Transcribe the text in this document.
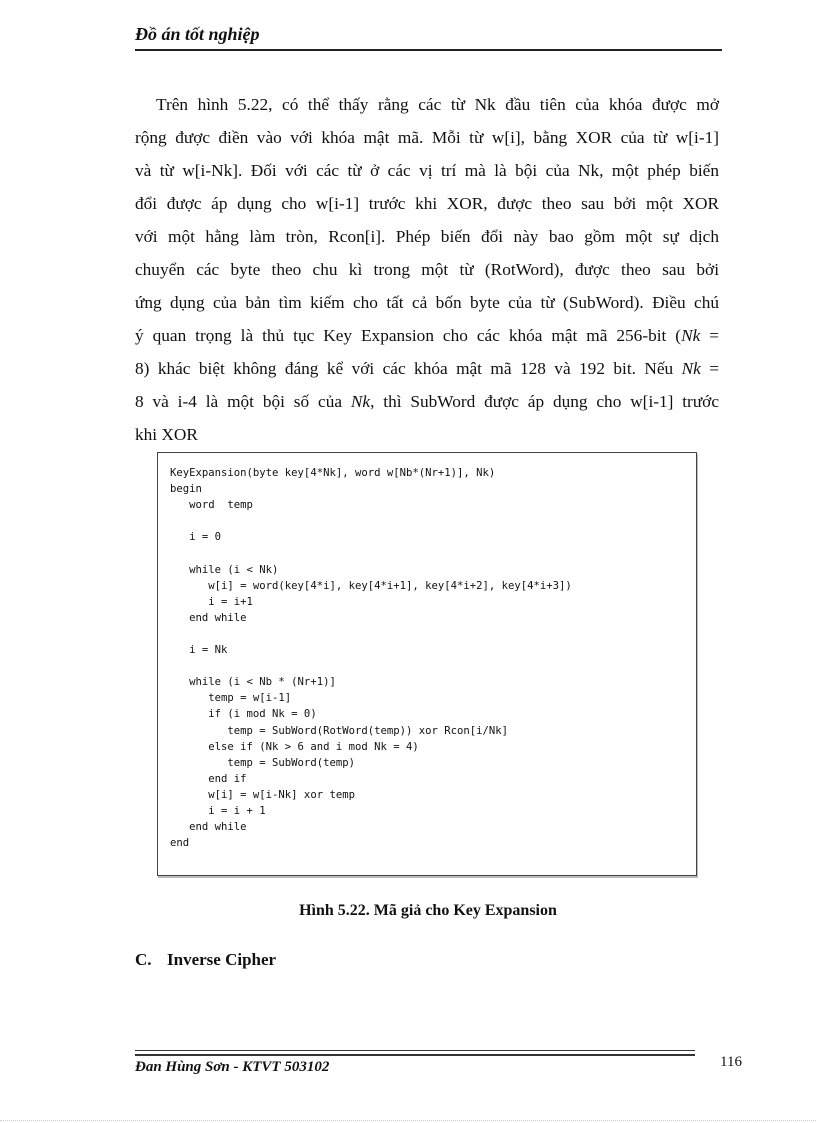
Đồ án tốt nghiệp

Trên hình 5.22, có thể thấy rằng các từ Nk đầu tiên của khóa được mở
rộng được điền vào với khóa mật mã. Mỗi từ w[i], bằng XOR của từ w[i-1]
và từ w[i-Nk]. Đối với các từ ở các vị trí mà là bội của Nk, một phép biến
đổi được áp dụng cho w[i-1] trước khi XOR, được theo sau bởi một XOR
với một hằng làm tròn, Rcon[i]. Phép biến đổi này bao gồm một sự dịch
chuyển các byte theo chu kì trong một từ (RotWord), được theo sau bởi
ứng dụng của bản tìm kiếm cho tất cả bốn byte của từ (SubWord). Điều chú
ý quan trọng là thủ tục Key Expansion cho các khóa mật mã 256-bit (Nk =
8) khác biệt không đáng kể với các khóa mật mã 128 và 192 bit. Nếu Nk =
8 và i-4 là một bội số của Nk, thì SubWord được áp dụng cho w[i-1] trước
khi XOR

KeyExpansion(byte key[4*Nk], word w[Nb*(Nr+1)], Nk)
begin
word  temp

i = 0

while (i < Nk)
w[i] = word(key[4*i], key[4*i+1], key[4*i+2], key[4*i+3])
i = i+1
end while

i = Nk

while (i < Nb * (Nr+1)]
temp = w[i-1]
if (i mod Nk = 0)
temp = SubWord(RotWord(temp)) xor Rcon[i/Nk]
else if (Nk > 6 and i mod Nk = 4)
temp = SubWord(temp)
end if
w[i] = w[i-Nk] xor temp
i = i + 1
end while
end
Hình 5.22. Mã giả cho Key Expansion
C. Inverse Cipher
Đan Hùng Sơn - KTVT 503102	116
